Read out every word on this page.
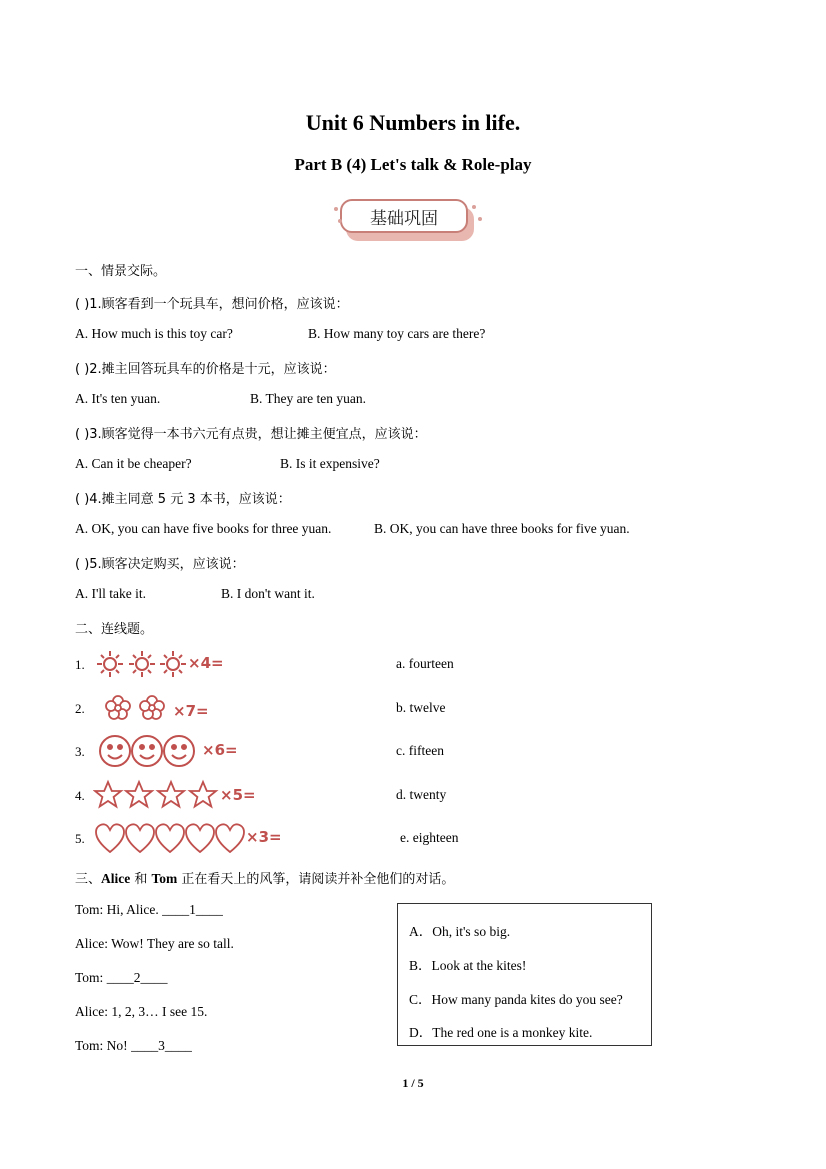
Unit 6 Numbers in life.
Part B (4) Let's talk & Role-play
基础巩固
一、情景交际。
( )1.顾客看到一个玩具车，想问价格，应该说：
A. How much is this toy car?	B. How many toy cars are there?
( )2.摊主回答玩具车的价格是十元，应该说：
A. It's ten yuan.	B. They are ten yuan.
( )3.顾客觉得一本书六元有点贵，想让摊主便宜点，应该说：
A. Can it be cheaper?	B. Is it expensive?
( )4.摊主同意 5 元 3 本书，应该说：
A. OK, you can have five books for three yuan.	B. OK, you can have three books for five yuan.
( )5.顾客决定购买，应该说：
A. I'll take it.	B. I don't want it.
二、连线题。
1.	×4=	a. fourteen
2.	×7=	b. twelve
3.	×6=	c. fifteen
4.	×5=	d. twenty
5.	×3=	e. eighteen
三、Alice 和 Tom 正在看天上的风筝，请阅读并补全他们的对话。
Tom: Hi, Alice. ____1____
Alice: Wow! They are so tall.
Tom: ____2____
Alice: 1, 2, 3… I see 15.
Tom: No! ____3____
A．Oh, it's so big.
B．Look at the kites!
C．How many panda kites do you see?
D．The red one is a monkey kite.
1 / 5
